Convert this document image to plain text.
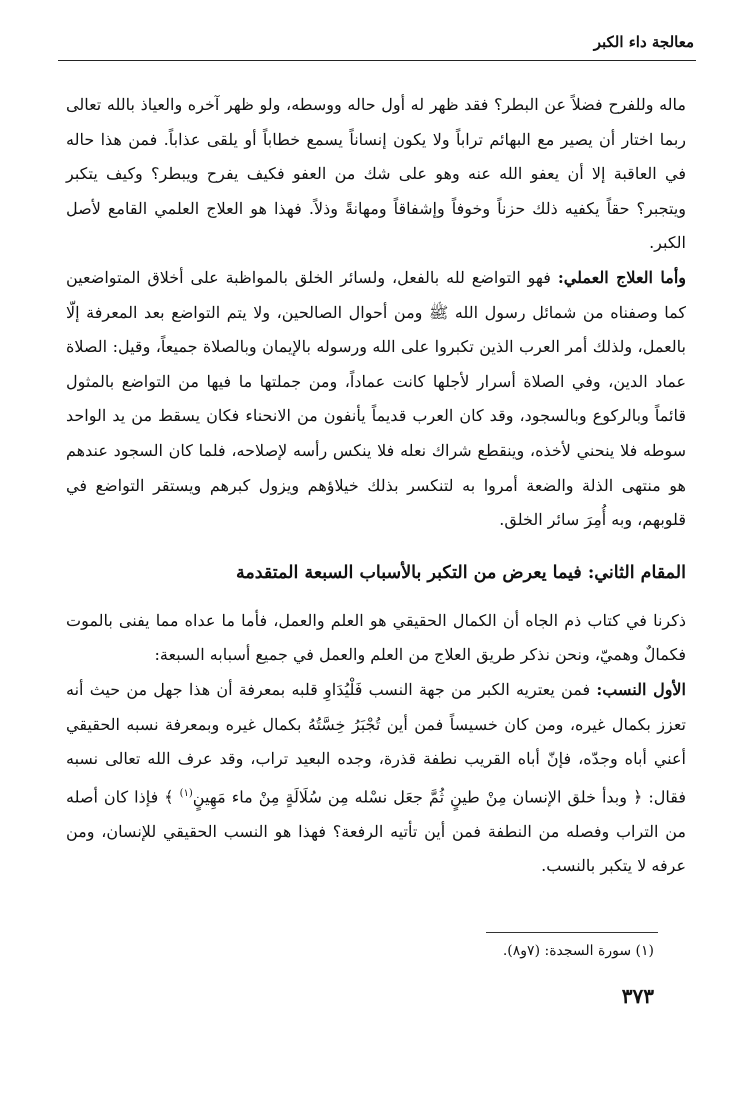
معالجة داء الكبر

ماله وللفرح فضلاً عن البطر؟ فقد ظهر له أول حاله ووسطه، ولو ظهر آخره والعياذ بالله تعالى ربما اختار أن يصير مع البهائم تراباً ولا يكون إنساناً يسمع خطاباً أو يلقى عذاباً. فمن هذا حاله في العاقبة إلا أن يعفو الله عنه وهو على شك من العفو فكيف يفرح ويبطر؟ وكيف يتكبر ويتجبر؟ حقاً يكفيه ذلك حزناً وخوفاً وإشفاقاً ومهانةً وذلاً. فهذا هو العلاج العلمي القامع لأصل الكبر.

وأما العلاج العملي: فهو التواضع لله بالفعل، ولسائر الخلق بالمواظبة على أخلاق المتواضعين كما وصفناه من شمائل رسول الله ﷺ ومن أحوال الصالحين، ولا يتم التواضع بعد المعرفة إلّا بالعمل، ولذلك أمر العرب الذين تكبروا على الله ورسوله بالإيمان وبالصلاة جميعاً، وقيل: الصلاة عماد الدين، وفي الصلاة أسرار لأجلها كانت عماداً، ومن جملتها ما فيها من التواضع بالمثول قائماً وبالركوع وبالسجود، وقد كان العرب قديماً يأنفون من الانحناء فكان يسقط من يد الواحد سوطه فلا ينحني لأخذه، وينقطع شراك نعله فلا ينكس رأسه لإصلاحه، فلما كان السجود عندهم هو منتهى الذلة والضعة أمروا به لتنكسر بذلك خيلاؤهم ويزول كبرهم ويستقر التواضع في قلوبهم، وبه أُمِرَ سائر الخلق.

المقام الثاني: فيما يعرض من التكبر بالأسباب السبعة المتقدمة

ذكرنا في كتاب ذم الجاه أن الكمال الحقيقي هو العلم والعمل، فأما ما عداه مما يفنى بالموت فكمالٌ وهميّ، ونحن نذكر طريق العلاج من العلم والعمل في جميع أسبابه السبعة:

الأول النسب: فمن يعتريه الكبر من جهة النسب فَلْيُدَاوِ قلبه بمعرفة أن هذا جهل من حيث أنه تعزز بكمال غيره، ومن كان خسيساً فمن أين تُجْبَرُ خِسَّتُهُ بكمال غيره وبمعرفة نسبه الحقيقي أعني أباه وجدّه، فإنّ أباه القريب نطفة قذرة، وجده البعيد تراب، وقد عرف الله تعالى نسبه فقال: ﴿ وبدأ خلق الإنسان مِنْ طينٍ ثُمَّ جعَل نسْله مِن سُلَالَةٍ مِنْ ماء مَهِينٍ$^{(١)}$ ﴾ فإذا كان أصله من التراب وفصله من النطفة فمن أين تأتيه الرفعة؟ فهذا هو النسب الحقيقي للإنسان، ومن عرفه لا يتكبر بالنسب.

(١) سورة السجدة: (٧و٨).
٣٧٣
